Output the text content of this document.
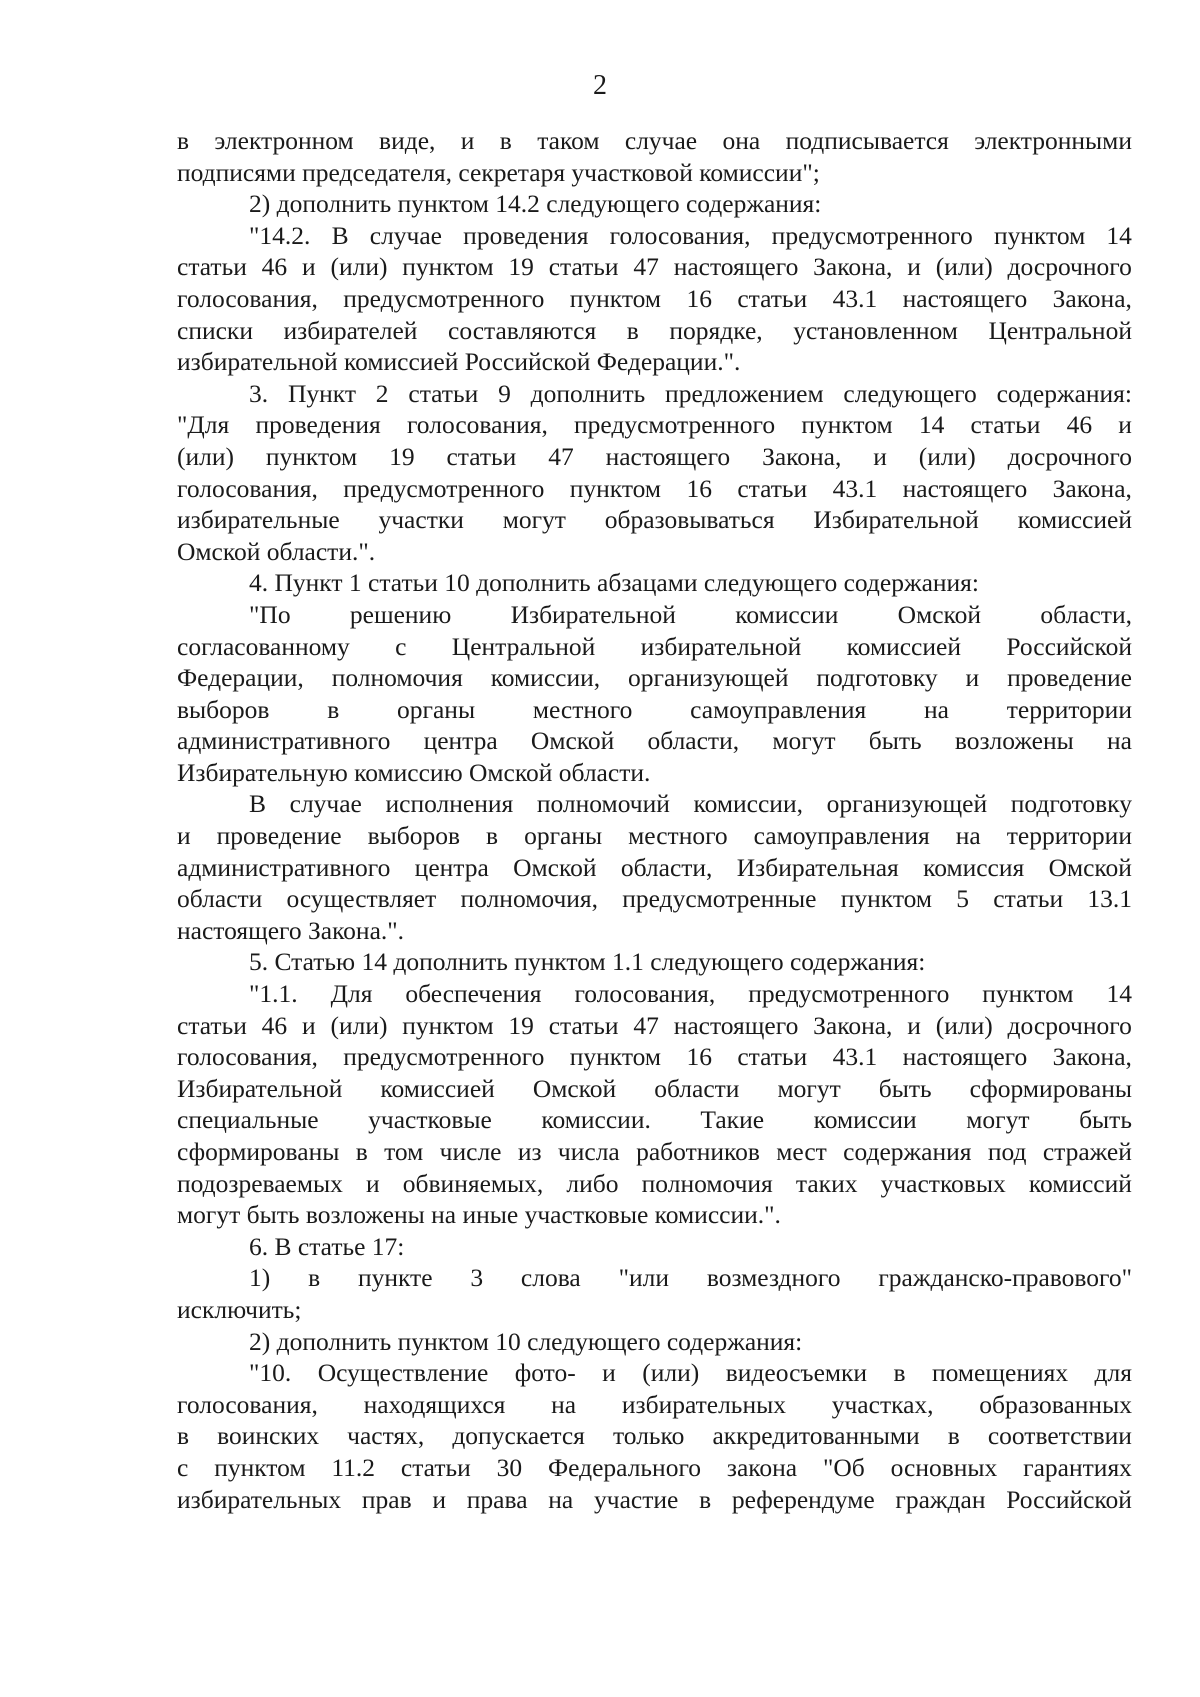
2
в электронном виде, и в таком случае она подписывается электронными
подписями председателя, секретаря участковой комиссии";
2) дополнить пунктом 14.2 следующего содержания:
"14.2. В случае проведения голосования, предусмотренного пунктом 14
статьи 46 и (или) пунктом 19 статьи 47 настоящего Закона, и (или) досрочного
голосования, предусмотренного пунктом 16 статьи 43.1 настоящего Закона,
списки избирателей составляются в порядке, установленном Центральной
избирательной комиссией Российской Федерации.".
3. Пункт 2 статьи 9 дополнить предложением следующего содержания:
"Для проведения голосования, предусмотренного пунктом 14 статьи 46 и
(или) пунктом 19 статьи 47 настоящего Закона, и (или) досрочного
голосования, предусмотренного пунктом 16 статьи 43.1 настоящего Закона,
избирательные участки могут образовываться Избирательной комиссией
Омской области.".
4. Пункт 1 статьи 10 дополнить абзацами следующего содержания:
"По решению Избирательной комиссии Омской области,
согласованному с Центральной избирательной комиссией Российской
Федерации, полномочия комиссии, организующей подготовку и проведение
выборов в органы местного самоуправления на территории
административного центра Омской области, могут быть возложены на
Избирательную комиссию Омской области.
В случае исполнения полномочий комиссии, организующей подготовку
и проведение выборов в органы местного самоуправления на территории
административного центра Омской области, Избирательная комиссия Омской
области осуществляет полномочия, предусмотренные пунктом 5 статьи 13.1
настоящего Закона.".
5. Статью 14 дополнить пунктом 1.1 следующего содержания:
"1.1. Для обеспечения голосования, предусмотренного пунктом 14
статьи 46 и (или) пунктом 19 статьи 47 настоящего Закона, и (или) досрочного
голосования, предусмотренного пунктом 16 статьи 43.1 настоящего Закона,
Избирательной комиссией Омской области могут быть сформированы
специальные участковые комиссии. Такие комиссии могут быть
сформированы в том числе из числа работников мест содержания под стражей
подозреваемых и обвиняемых, либо полномочия таких участковых комиссий
могут быть возложены на иные участковые комиссии.".
6. В статье 17:
1) в пункте 3 слова "или возмездного гражданско-правового"
исключить;
2) дополнить пунктом 10 следующего содержания:
"10. Осуществление фото- и (или) видеосъемки в помещениях для
голосования, находящихся на избирательных участках, образованных
в воинских частях, допускается только аккредитованными в соответствии
с пунктом 11.2 статьи 30 Федерального закона "Об основных гарантиях
избирательных прав и права на участие в референдуме граждан Российской
